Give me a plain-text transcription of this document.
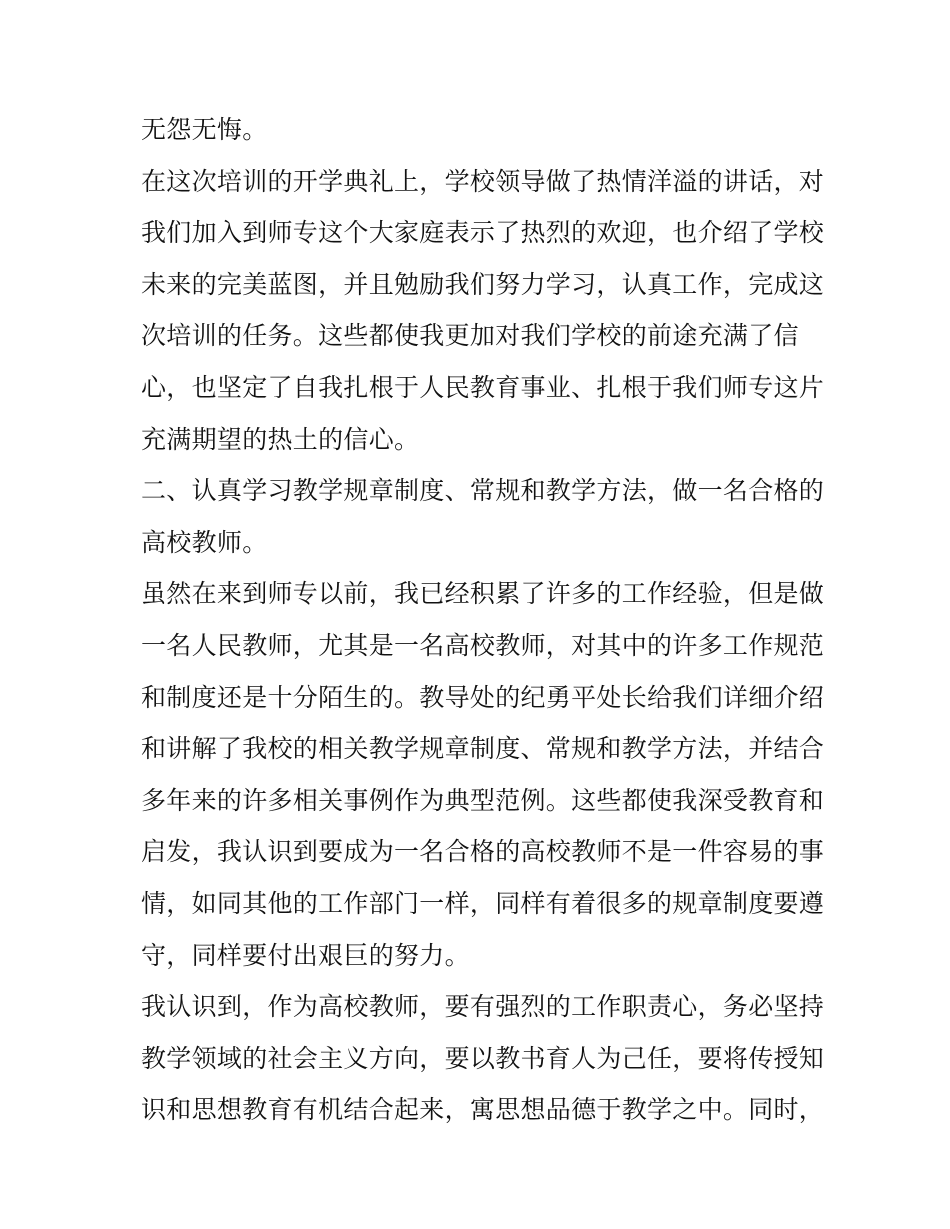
无怨无悔。
在这次培训的开学典礼上，学校领导做了热情洋溢的讲话，对
我们加入到师专这个大家庭表示了热烈的欢迎，也介绍了学校
未来的完美蓝图，并且勉励我们努力学习，认真工作，完成这
次培训的任务。这些都使我更加对我们学校的前途充满了信
心，也坚定了自我扎根于人民教育事业、扎根于我们师专这片
充满期望的热土的信心。
二、认真学习教学规章制度、常规和教学方法，做一名合格的
高校教师。
虽然在来到师专以前，我已经积累了许多的工作经验，但是做
一名人民教师，尤其是一名高校教师，对其中的许多工作规范
和制度还是十分陌生的。教导处的纪勇平处长给我们详细介绍
和讲解了我校的相关教学规章制度、常规和教学方法，并结合
多年来的许多相关事例作为典型范例。这些都使我深受教育和
启发，我认识到要成为一名合格的高校教师不是一件容易的事
情，如同其他的工作部门一样，同样有着很多的规章制度要遵
守，同样要付出艰巨的努力。
我认识到，作为高校教师，要有强烈的工作职责心，务必坚持
教学领域的社会主义方向，要以教书育人为己任，要将传授知
识和思想教育有机结合起来，寓思想品德于教学之中。同时，
